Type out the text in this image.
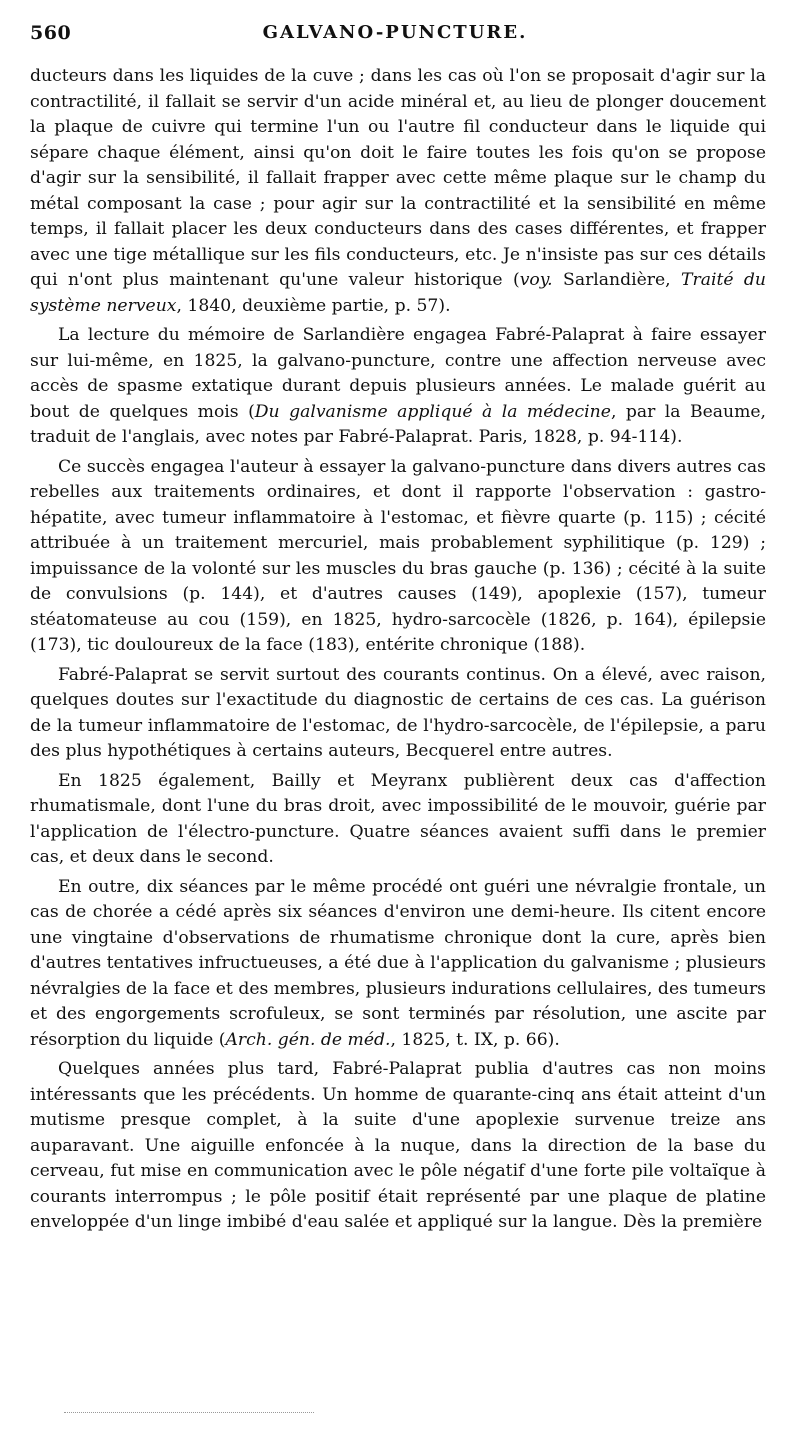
560	GALVANO-PUNCTURE.

ducteurs dans les liquides de la cuve ; dans les cas où l'on se proposait d'agir sur la contractilité, il fallait se servir d'un acide minéral et, au lieu de plonger doucement la plaque de cuivre qui termine l'un ou l'autre fil conducteur dans le liquide qui sépare chaque élément, ainsi qu'on doit le faire toutes les fois qu'on se propose d'agir sur la sensibilité, il fallait frapper avec cette même plaque sur le champ du métal composant la case ; pour agir sur la contractilité et la sensibilité en même temps, il fallait placer les deux conducteurs dans des cases différentes, et frapper avec une tige métallique sur les fils conducteurs, etc. Je n'insiste pas sur ces détails qui n'ont plus maintenant qu'une valeur historique (voy. Sarlandière, Traité du système nerveux, 1840, deuxième partie, p. 57).

La lecture du mémoire de Sarlandière engagea Fabré-Palaprat à faire essayer sur lui-même, en 1825, la galvano-puncture, contre une affection nerveuse avec accès de spasme extatique durant depuis plusieurs années. Le malade guérit au bout de quelques mois (Du galvanisme appliqué à la médecine, par la Beaume, traduit de l'anglais, avec notes par Fabré-Palaprat. Paris, 1828, p. 94-114).

Ce succès engagea l'auteur à essayer la galvano-puncture dans divers autres cas rebelles aux traitements ordinaires, et dont il rapporte l'observation : gastro-hépatite, avec tumeur inflammatoire à l'estomac, et fièvre quarte (p. 115) ; cécité attribuée à un traitement mercuriel, mais probablement syphilitique (p. 129) ; impuissance de la volonté sur les muscles du bras gauche (p. 136) ; cécité à la suite de convulsions (p. 144), et d'autres causes (149), apoplexie (157), tumeur stéatomateuse au cou (159), en 1825, hydro-sarcocèle (1826, p. 164), épilepsie (173), tic douloureux de la face (183), entérite chronique (188).

Fabré-Palaprat se servit surtout des courants continus. On a élevé, avec raison, quelques doutes sur l'exactitude du diagnostic de certains de ces cas. La guérison de la tumeur inflammatoire de l'estomac, de l'hydro-sarcocèle, de l'épilepsie, a paru des plus hypothétiques à certains auteurs, Becquerel entre autres.

En 1825 également, Bailly et Meyranx publièrent deux cas d'affection rhumatismale, dont l'une du bras droit, avec impossibilité de le mouvoir, guérie par l'application de l'électro-puncture. Quatre séances avaient suffi dans le premier cas, et deux dans le second.

En outre, dix séances par le même procédé ont guéri une névralgie frontale, un cas de chorée a cédé après six séances d'environ une demi-heure. Ils citent encore une vingtaine d'observations de rhumatisme chronique dont la cure, après bien d'autres tentatives infructueuses, a été due à l'application du galvanisme ; plusieurs névralgies de la face et des membres, plusieurs indurations cellulaires, des tumeurs et des engorgements scrofuleux, se sont terminés par résolution, une ascite par résorption du liquide (Arch. gén. de méd., 1825, t. IX, p. 66).

Quelques années plus tard, Fabré-Palaprat publia d'autres cas non moins intéressants que les précédents. Un homme de quarante-cinq ans était atteint d'un mutisme presque complet, à la suite d'une apoplexie survenue treize ans auparavant. Une aiguille enfoncée à la nuque, dans la direction de la base du cerveau, fut mise en communication avec le pôle négatif d'une forte pile voltaïque à courants interrompus ; le pôle positif était représenté par une plaque de platine enveloppée d'un linge imbibé d'eau salée et appliqué sur la langue. Dès la première
